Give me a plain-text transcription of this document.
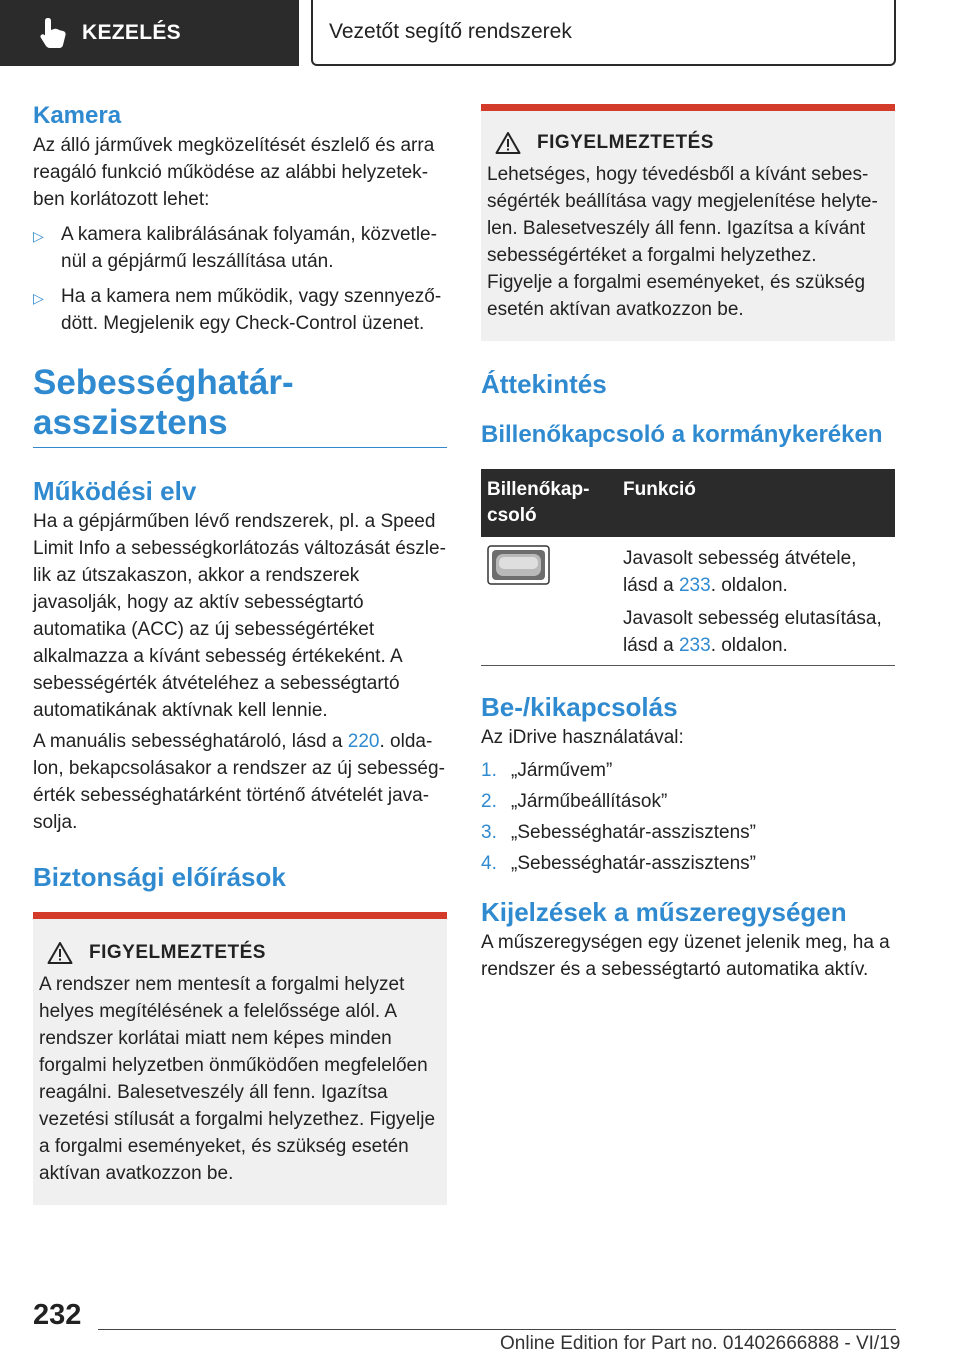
KEZELÉS	Vezetőt segítő rendszerek
Kamera

Az álló járművek megközelítését észlelő és arra reagáló funkció működése az alábbi helyzetekben korlátozott lehet:

▷ A kamera kalibrálásának folyamán, közvetlenül a gépjármű leszállítása után.
▷ Ha a kamera nem működik, vagy szennyeződött. Megjelenik egy Check-Control üzenet.
Sebességhatár-asszisztens
Működési elv

Ha a gépjárműben lévő rendszerek, pl. a Speed Limit Info a sebességkorlátozás változását észlelik az útszakaszon, akkor a rendszerek javasolják, hogy az aktív sebességtartó automatika (ACC) az új sebességértéket alkalmazza a kívánt sebesség értékeként. A sebességérték átvételéhez a sebességtartó automatikának aktívnak kell lennie.

A manuális sebességhatároló, lásd a 220. oldalon, bekapcsolásakor a rendszer az új sebességérték sebességhatárként történő átvételét javasolja.

Biztonsági előírások
FIGYELMEZTETÉS

A rendszer nem mentesít a forgalmi helyzet helyes megítélésének a felelőssége alól. A rendszer korlátai miatt nem képes minden forgalmi helyzetben önműködően megfelelően reagálni. Balesetveszély áll fenn. Igazítsa vezetési stílusát a forgalmi helyzethez. Figyelje a forgalmi eseményeket, és szükség esetén aktívan avatkozzon be.

FIGYELMEZTETÉS

Lehetséges, hogy tévedésből a kívánt sebességérték beállítása vagy megjelenítése helytelen. Balesetveszély áll fenn. Igazítsa a kívánt sebességértéket a forgalmi helyzethez. Figyelje a forgalmi eseményeket, és szükség esetén aktívan avatkozzon be.

Áttekintés
Billenőkapcsoló a kormánykeréken
Billenőkapcsoló	Funkció

Javasolt sebesség átvétele, lásd a 233. oldalon.
Javasolt sebesség elutasítása, lásd a 233. oldalon.
Be-/kikapcsolás

Az iDrive használatával:

1. „Járművem”
2. „Járműbeállítások”
3. „Sebességhatár-asszisztens”
4. „Sebességhatár-asszisztens”
Kijelzések a műszeregységen

A műszeregységen egy üzenet jelenik meg, ha a rendszer és a sebességtartó automatika aktív.

232
Online Edition for Part no. 01402666888 - VI/19
